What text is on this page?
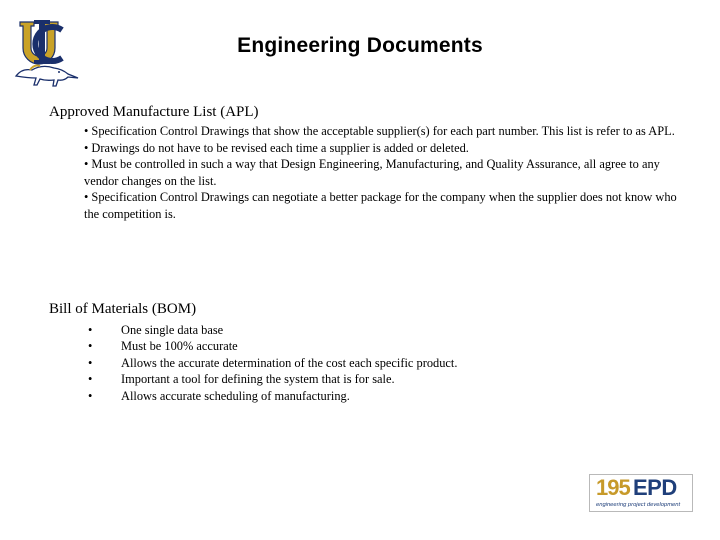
Engineering Documents
Approved Manufacture List (APL)

• Specification Control Drawings that show the acceptable supplier(s) for each part number. This list is refer to as APL.

• Drawings do not have to be revised each time a supplier is added or deleted.

• Must be controlled in such a way that Design Engineering, Manufacturing, and Quality Assurance, all agree to any vendor changes on the list.

• Specification Control Drawings can negotiate a better package for the company when the supplier does not know who the competition is.

Bill of Materials (BOM)
• One single data base
• Must be 100% accurate
• Allows the accurate determination of the cost each specific product.
• Important a tool for defining the system that is for sale.
• Allows accurate scheduling of manufacturing.
195 EPD
engineering project development
